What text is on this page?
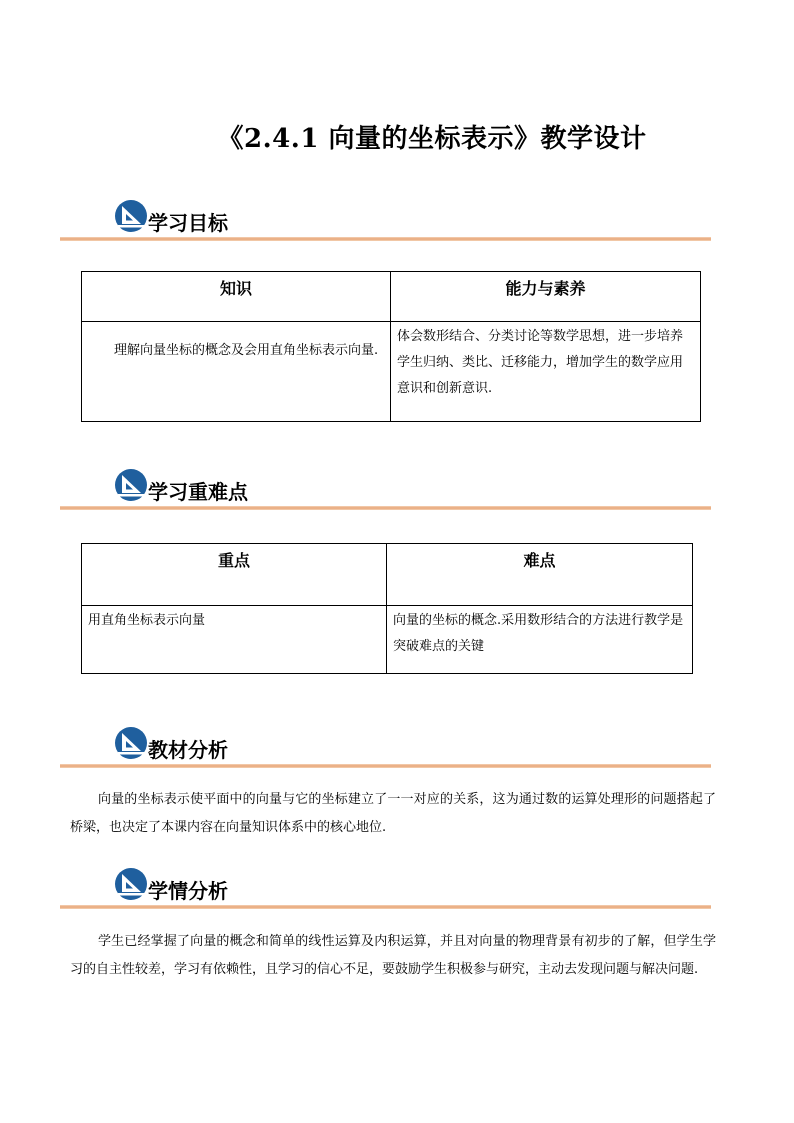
《2.4.1 向量的坐标表示》教学设计
学习目标
知识	能力与素养
理解向量坐标的概念及会用直角坐标表示向量.	体会数形结合、分类讨论等数学思想，进一步培养学生归纳、类比、迁移能力，增加学生的数学应用意识和创新意识.
学习重难点
重点	难点
用直角坐标表示向量	向量的坐标的概念.采用数形结合的方法进行教学是突破难点的关键
教材分析

向量的坐标表示使平面中的向量与它的坐标建立了一一对应的关系，这为通过数的运算处理形的问题搭起了桥梁，也决定了本课内容在向量知识体系中的核心地位.

学情分析

学生已经掌握了向量的概念和简单的线性运算及内积运算，并且对向量的物理背景有初步的了解，但学生学习的自主性较差，学习有依赖性，且学习的信心不足，要鼓励学生积极参与研究，主动去发现问题与解决问题.
